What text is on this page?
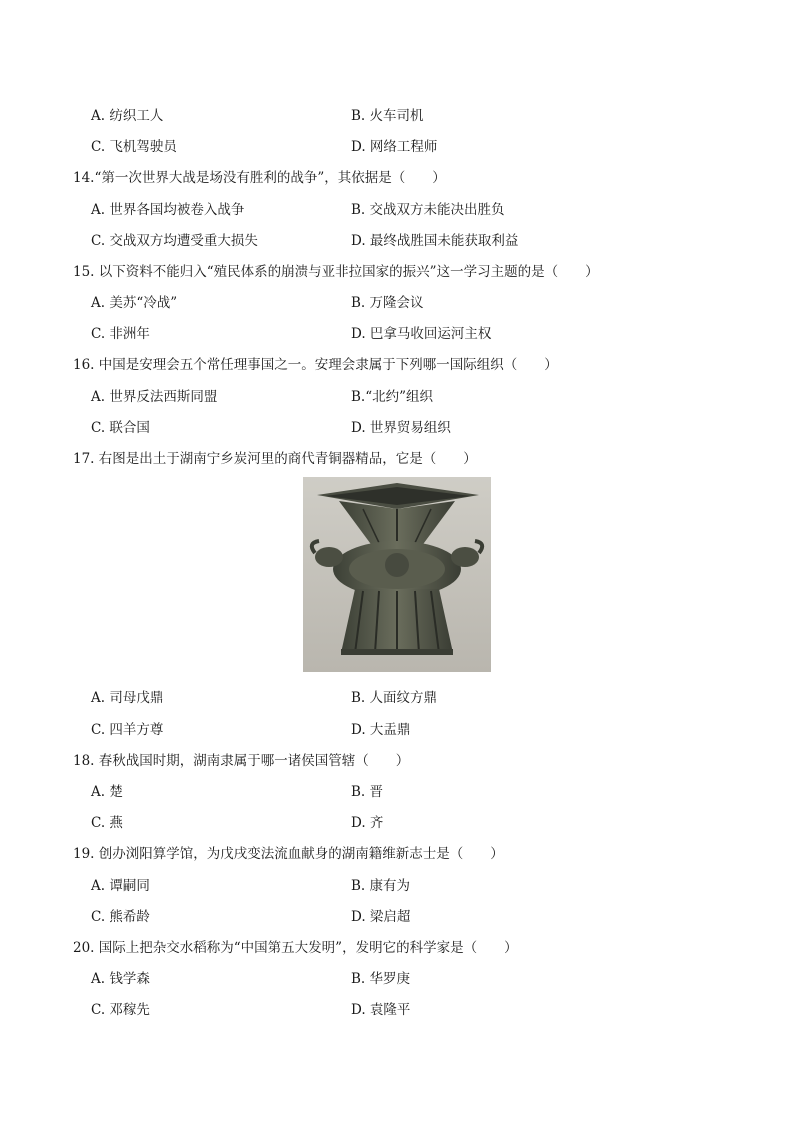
A. 纺织工人	B. 火车司机
C. 飞机驾驶员	D. 网络工程师
14.“第一次世界大战是场没有胜利的战争”，其依据是（　　）
A. 世界各国均被卷入战争	B. 交战双方未能决出胜负
C. 交战双方均遭受重大损失	D. 最终战胜国未能获取利益
15. 以下资料不能归入“殖民体系的崩溃与亚非拉国家的振兴”这一学习主题的是（　　）
A. 美苏“冷战”	B. 万隆会议
C. 非洲年	D. 巴拿马收回运河主权
16. 中国是安理会五个常任理事国之一。安理会隶属于下列哪一国际组织（　　）
A. 世界反法西斯同盟	B.“北约”组织
C. 联合国	D. 世界贸易组织
17. 右图是出土于湖南宁乡炭河里的商代青铜器精品，它是（　　）
A. 司母戊鼎	B. 人面纹方鼎
C. 四羊方尊	D. 大盂鼎
18. 春秋战国时期，湖南隶属于哪一诸侯国管辖（　　）
A. 楚	B. 晋
C. 燕	D. 齐
19. 创办浏阳算学馆，为戊戌变法流血献身的湖南籍维新志士是（　　）
A. 谭嗣同	B. 康有为
C. 熊希龄	D. 梁启超
20. 国际上把杂交水稻称为“中国第五大发明”，发明它的科学家是（　　）
A. 钱学森	B. 华罗庚
C. 邓稼先	D. 袁隆平
